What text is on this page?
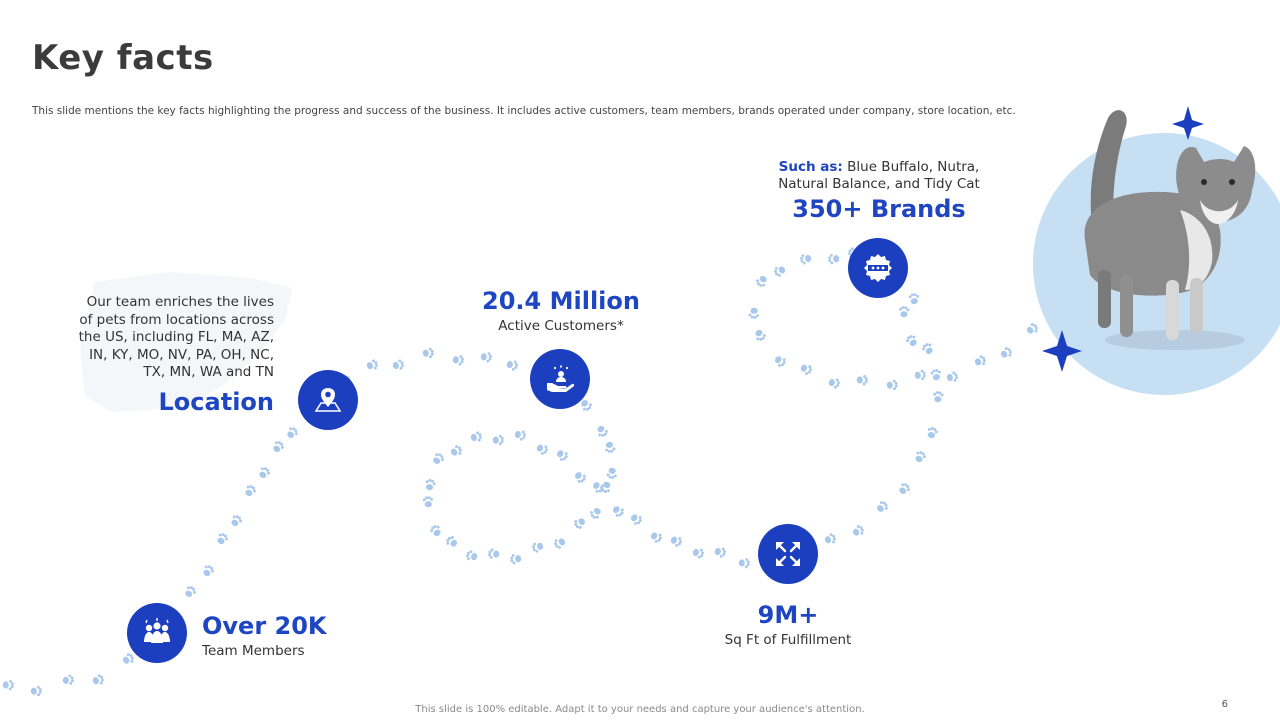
Key facts
This slide mentions the key facts highlighting the progress and success of the business. It includes active customers, team members, brands operated under company, store location, etc.
Over 20K
Team Members
Our team enriches the lives
of pets from locations across
the US, including FL, MA, AZ,
IN, KY, MO, NV, PA, OH, NC,
TX, MN, WA and TN
Location
20.4 Million
Active Customers*
Such as: Blue Buffalo, Nutra,
Natural Balance, and Tidy Cat
350+ Brands
9M+
Sq Ft of Fulfillment
This slide is 100% editable. Adapt it to your needs and capture your audience's attention.	6
